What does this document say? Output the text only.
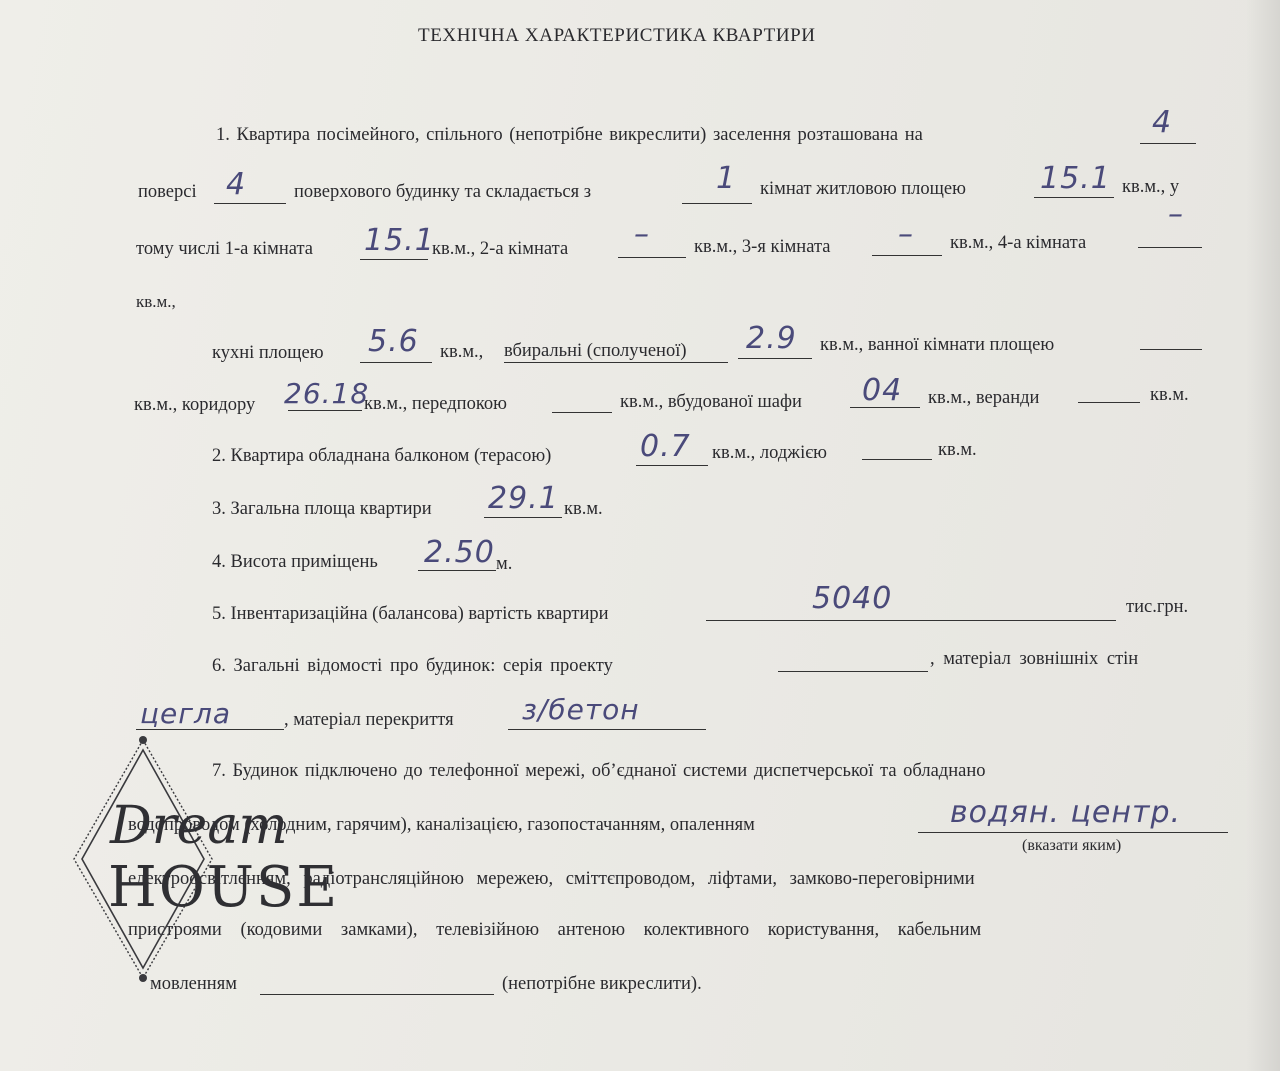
ТЕХНІЧНА ХАРАКТЕРИСТИКА КВАРТИРИ
1. Квартира посімейного, спільного (непотрібне викреслити) заселення розташована на	4
поверсі 4	поверхового будинку та складається з	1 кімнат житловою площею 15.1 кв.м., у
тому числі 1-а кімната 15.1
кв.м., 2-а кімната – кв.м., 3-я кімната – кв.м., 4-а кімната
–
кв.м.,
кухні площею 5.6 кв.м., вбиральні (сполученої) 2.9 кв.м., ванної кімнати площею
кв.м., коридору 26.18
кв.м., передпокою	кв.м., вбудованої шафи 04 кв.м., веранди	кв.м.
2. Квартира обладнана балконом (терасою)	0.7 кв.м., лоджією	кв.м.
3. Загальна площа квартири 29.1 кв.м.
4. Висота приміщень 2.50 м.
5. Інвентаризаційна (балансова) вартість квартири	5040	тис.грн.
6. Загальні відомості про будинок: серія проекту	, матеріал зовнішніх стін
цегла	, матеріал перекриття з/бетон
7. Будинок підключено до телефонної мережі, об’єднаної системи диспетчерської та обладнано
водопроводом (холодним, гарячим), каналізацією, газопостачанням, опаленням	водян. центр.
(вказати яким)
електроосвітленням, радіотрансляційною мережею, сміттєпроводом, ліфтами, замково-переговірними
пристроями (кодовими замками), телевізійною антеною колективного користування, кабельним
мовленням	(непотрібне викреслити).
Dream
HOUSE
